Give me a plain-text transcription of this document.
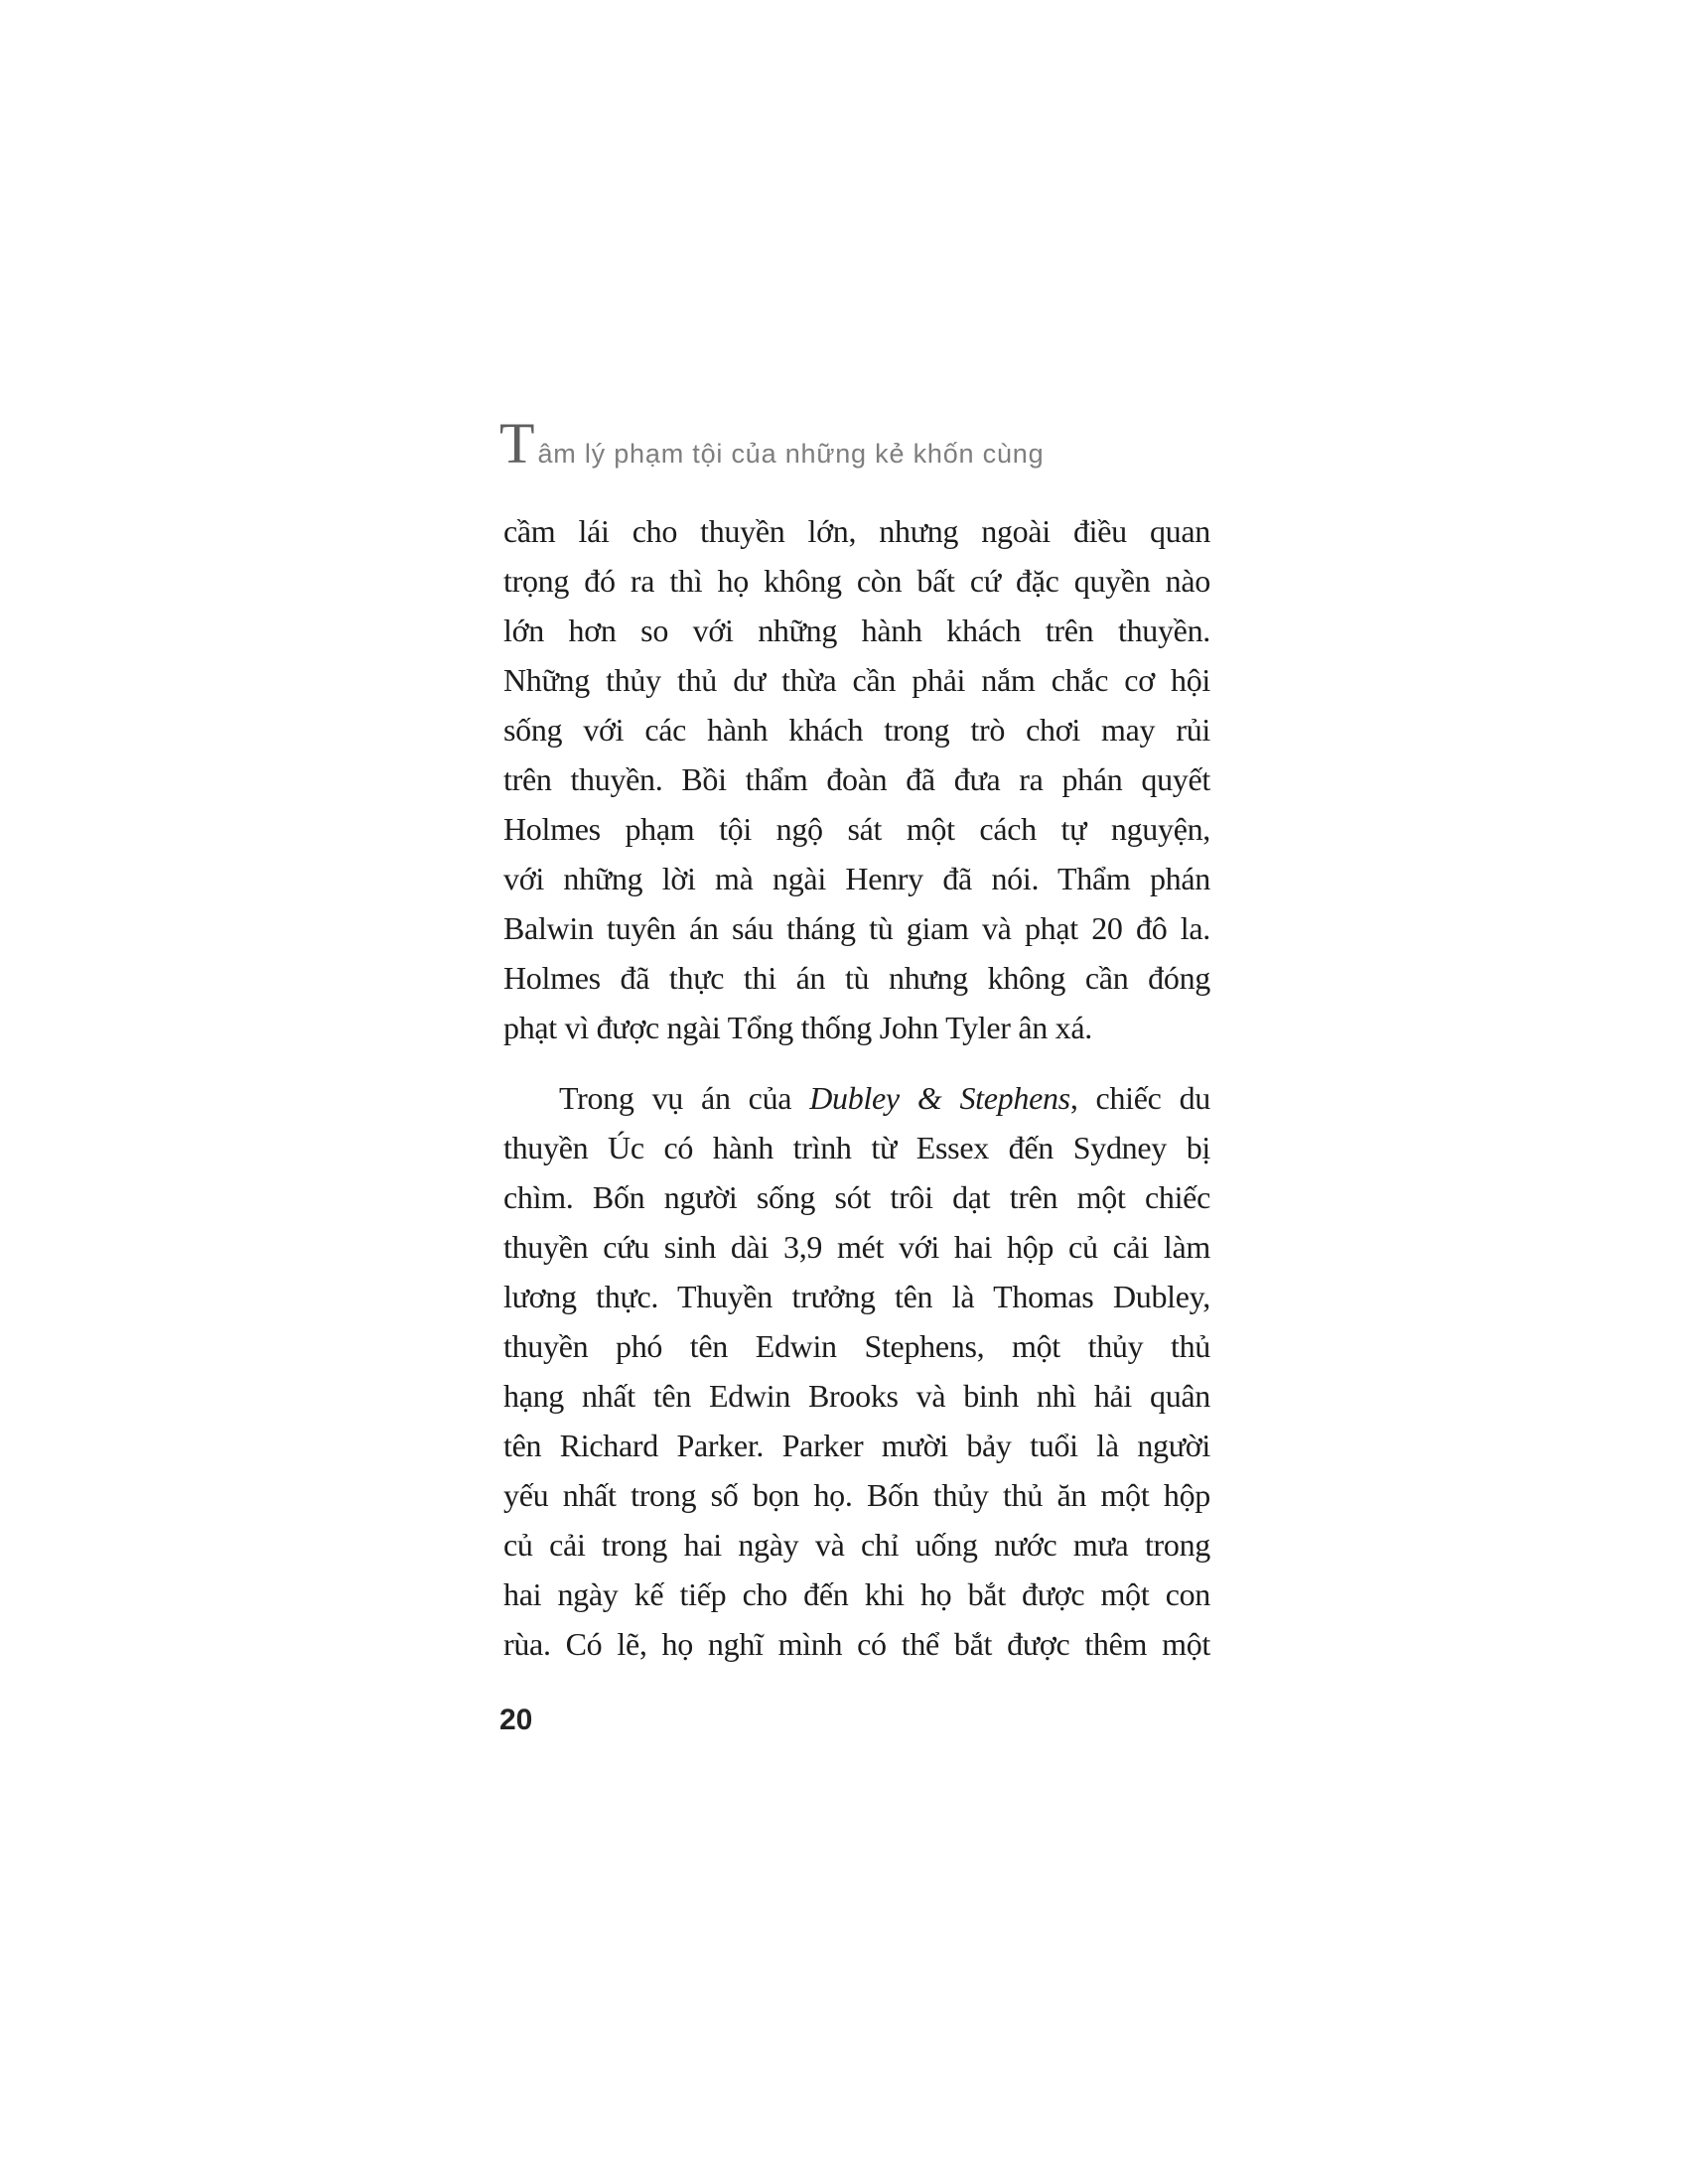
T âm lý phạm tội của những kẻ khốn cùng
cầm lái cho thuyền lớn, nhưng ngoài điều quan
trọng đó ra thì họ không còn bất cứ đặc quyền nào
lớn hơn so với những hành khách trên thuyền.
Những thủy thủ dư thừa cần phải nắm chắc cơ hội
sống với các hành khách trong trò chơi may rủi
trên thuyền. Bồi thẩm đoàn đã đưa ra phán quyết
Holmes phạm tội ngộ sát một cách tự nguyện,
với những lời mà ngài Henry đã nói. Thẩm phán
Balwin tuyên án sáu tháng tù giam và phạt 20 đô la.
Holmes đã thực thi án tù nhưng không cần đóng
phạt vì được ngài Tổng thống John Tyler ân xá.
Trong vụ án của Dubley & Stephens, chiếc du
thuyền Úc có hành trình từ Essex đến Sydney bị
chìm. Bốn người sống sót trôi dạt trên một chiếc
thuyền cứu sinh dài 3,9 mét với hai hộp củ cải làm
lương thực. Thuyền trưởng tên là Thomas Dubley,
thuyền phó tên Edwin Stephens, một thủy thủ
hạng nhất tên Edwin Brooks và binh nhì hải quân
tên Richard Parker. Parker mười bảy tuổi là người
yếu nhất trong số bọn họ. Bốn thủy thủ ăn một hộp
củ cải trong hai ngày và chỉ uống nước mưa trong
hai ngày kế tiếp cho đến khi họ bắt được một con
rùa. Có lẽ, họ nghĩ mình có thể bắt được thêm một
20
